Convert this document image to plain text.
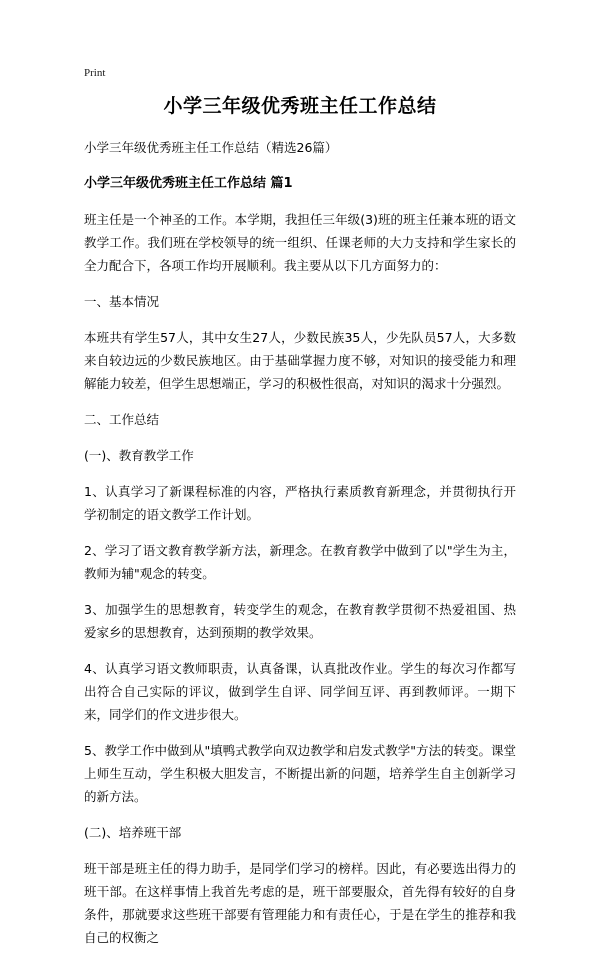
Print
小学三年级优秀班主任工作总结

小学三年级优秀班主任工作总结（精选26篇）

小学三年级优秀班主任工作总结 篇1

班主任是一个神圣的工作。本学期，我担任三年级(3)班的班主任兼本班的语文教学工作。我们班在学校领导的统一组织、任课老师的大力支持和学生家长的全力配合下，各项工作均开展顺利。我主要从以下几方面努力的：

一、基本情况

本班共有学生57人，其中女生27人，少数民族35人，少先队员57人，大多数来自较边远的少数民族地区。由于基础掌握力度不够，对知识的接受能力和理解能力较差，但学生思想端正，学习的积极性很高，对知识的渴求十分强烈。

二、工作总结

(一)、教育教学工作

1、认真学习了新课程标准的内容，严格执行素质教育新理念，并贯彻执行开学初制定的语文教学工作计划。

2、学习了语文教育教学新方法，新理念。在教育教学中做到了以"学生为主，教师为辅"观念的转变。

3、加强学生的思想教育，转变学生的观念，在教育教学贯彻不热爱祖国、热爱家乡的思想教育，达到预期的教学效果。

4、认真学习语文教师职责，认真备课，认真批改作业。学生的每次习作都写出符合自己实际的评议，做到学生自评、同学间互评、再到教师评。一期下来，同学们的作文进步很大。

5、教学工作中做到从"填鸭式教学向双边教学和启发式教学"方法的转变。课堂上师生互动，学生积极大胆发言，不断提出新的问题，培养学生自主创新学习的新方法。

(二)、培养班干部

班干部是班主任的得力助手，是同学们学习的榜样。因此，有必要选出得力的班干部。在这样事情上我首先考虑的是，班干部要服众，首先得有较好的自身条件，那就要求这些班干部要有管理能力和有责任心，于是在学生的推荐和我自己的权衡之
